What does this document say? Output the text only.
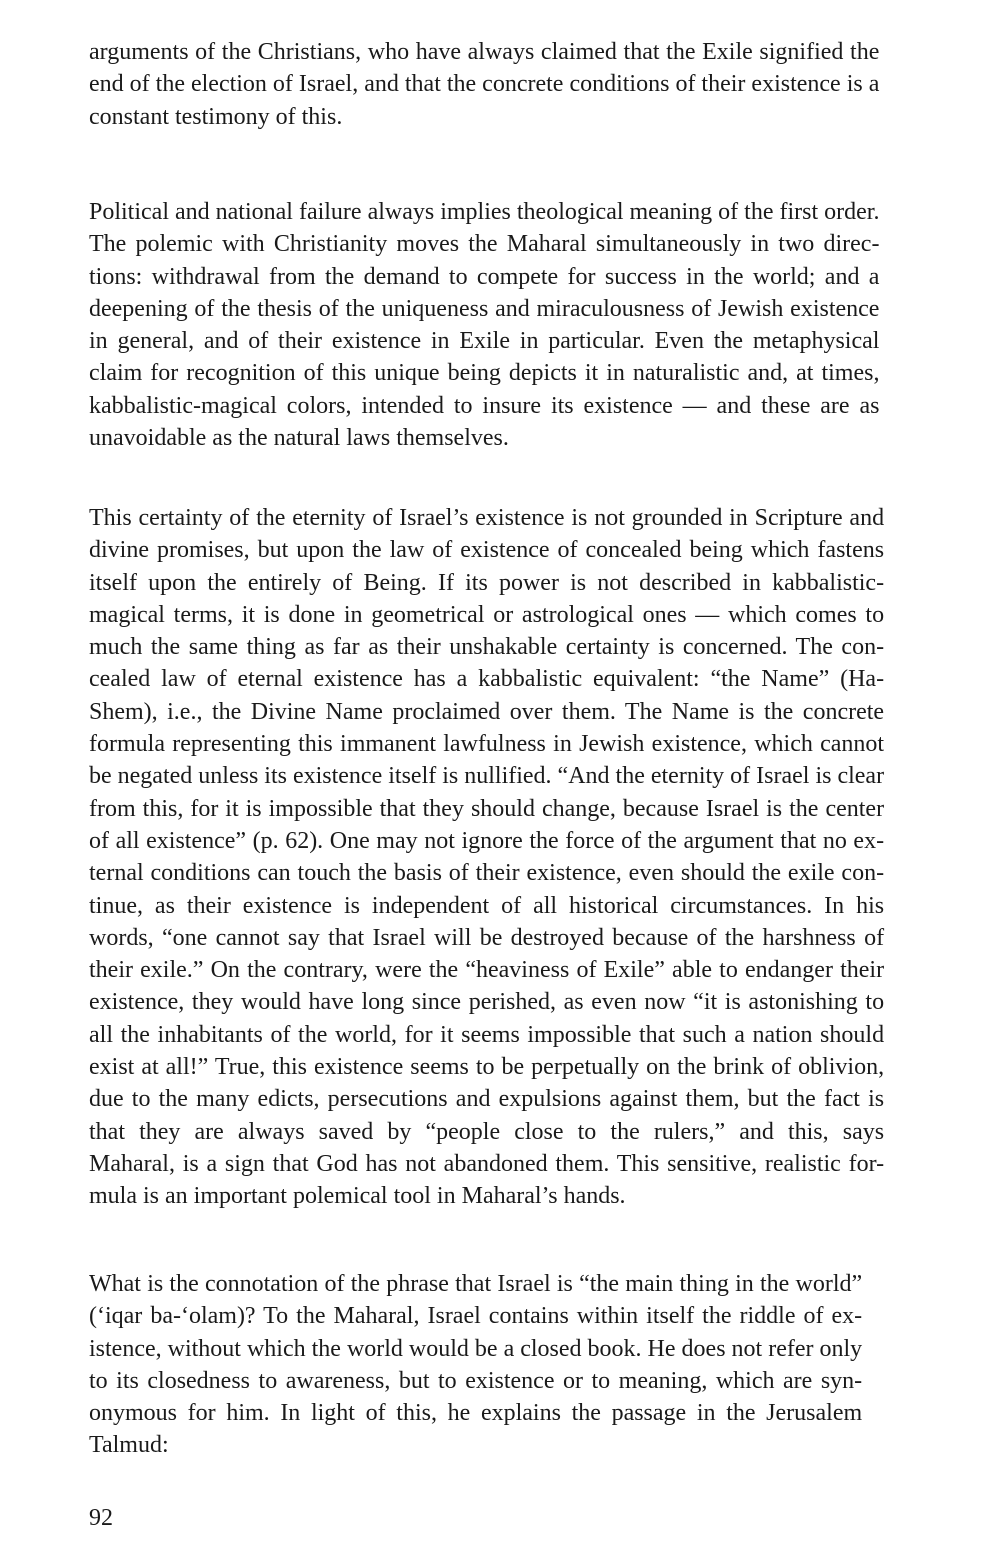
arguments of the Christians, who have always claimed that the Exile signified the
end of the election of Israel, and that the concrete conditions of their existence is a
constant testimony of this.

Political and national failure always implies theological meaning of the first order.
The polemic with Christianity moves the Maharal simultaneously in two direc-
tions: withdrawal from the demand to compete for success in the world; and a
deepening of the thesis of the uniqueness and miraculousness of Jewish existence
in general, and of their existence in Exile in particular. Even the metaphysical
claim for recognition of this unique being depicts it in naturalistic and, at times,
kabbalistic-magical colors, intended to insure its existence — and these are as
unavoidable as the natural laws themselves.

This certainty of the eternity of Israel’s existence is not grounded in Scripture and
divine promises, but upon the law of existence of concealed being which fastens
itself upon the entirely of Being. If its power is not described in kabbalistic-
magical terms, it is done in geometrical or astrological ones — which comes to
much the same thing as far as their unshakable certainty is concerned. The con-
cealed law of eternal existence has a kabbalistic equivalent: “the Name” (Ha-
Shem), i.e., the Divine Name proclaimed over them. The Name is the concrete
formula representing this immanent lawfulness in Jewish existence, which cannot
be negated unless its existence itself is nullified. “And the eternity of Israel is clear
from this, for it is impossible that they should change, because Israel is the center
of all existence” (p. 62). One may not ignore the force of the argument that no ex-
ternal conditions can touch the basis of their existence, even should the exile con-
tinue, as their existence is independent of all historical circumstances. In his
words, “one cannot say that Israel will be destroyed because of the harshness of
their exile.” On the contrary, were the “heaviness of Exile” able to endanger their
existence, they would have long since perished, as even now “it is astonishing to
all the inhabitants of the world, for it seems impossible that such a nation should
exist at all!” True, this existence seems to be perpetually on the brink of oblivion,
due to the many edicts, persecutions and expulsions against them, but the fact is
that they are always saved by “people close to the rulers,” and this, says
Maharal, is a sign that God has not abandoned them. This sensitive, realistic for-
mula is an important polemical tool in Maharal’s hands.

What is the connotation of the phrase that Israel is “the main thing in the world”
(‘iqar ba-‘olam)? To the Maharal, Israel contains within itself the riddle of ex-
istence, without which the world would be a closed book. He does not refer only
to its closedness to awareness, but to existence or to meaning, which are syn-
onymous for him. In light of this, he explains the passage in the Jerusalem
Talmud:

92
